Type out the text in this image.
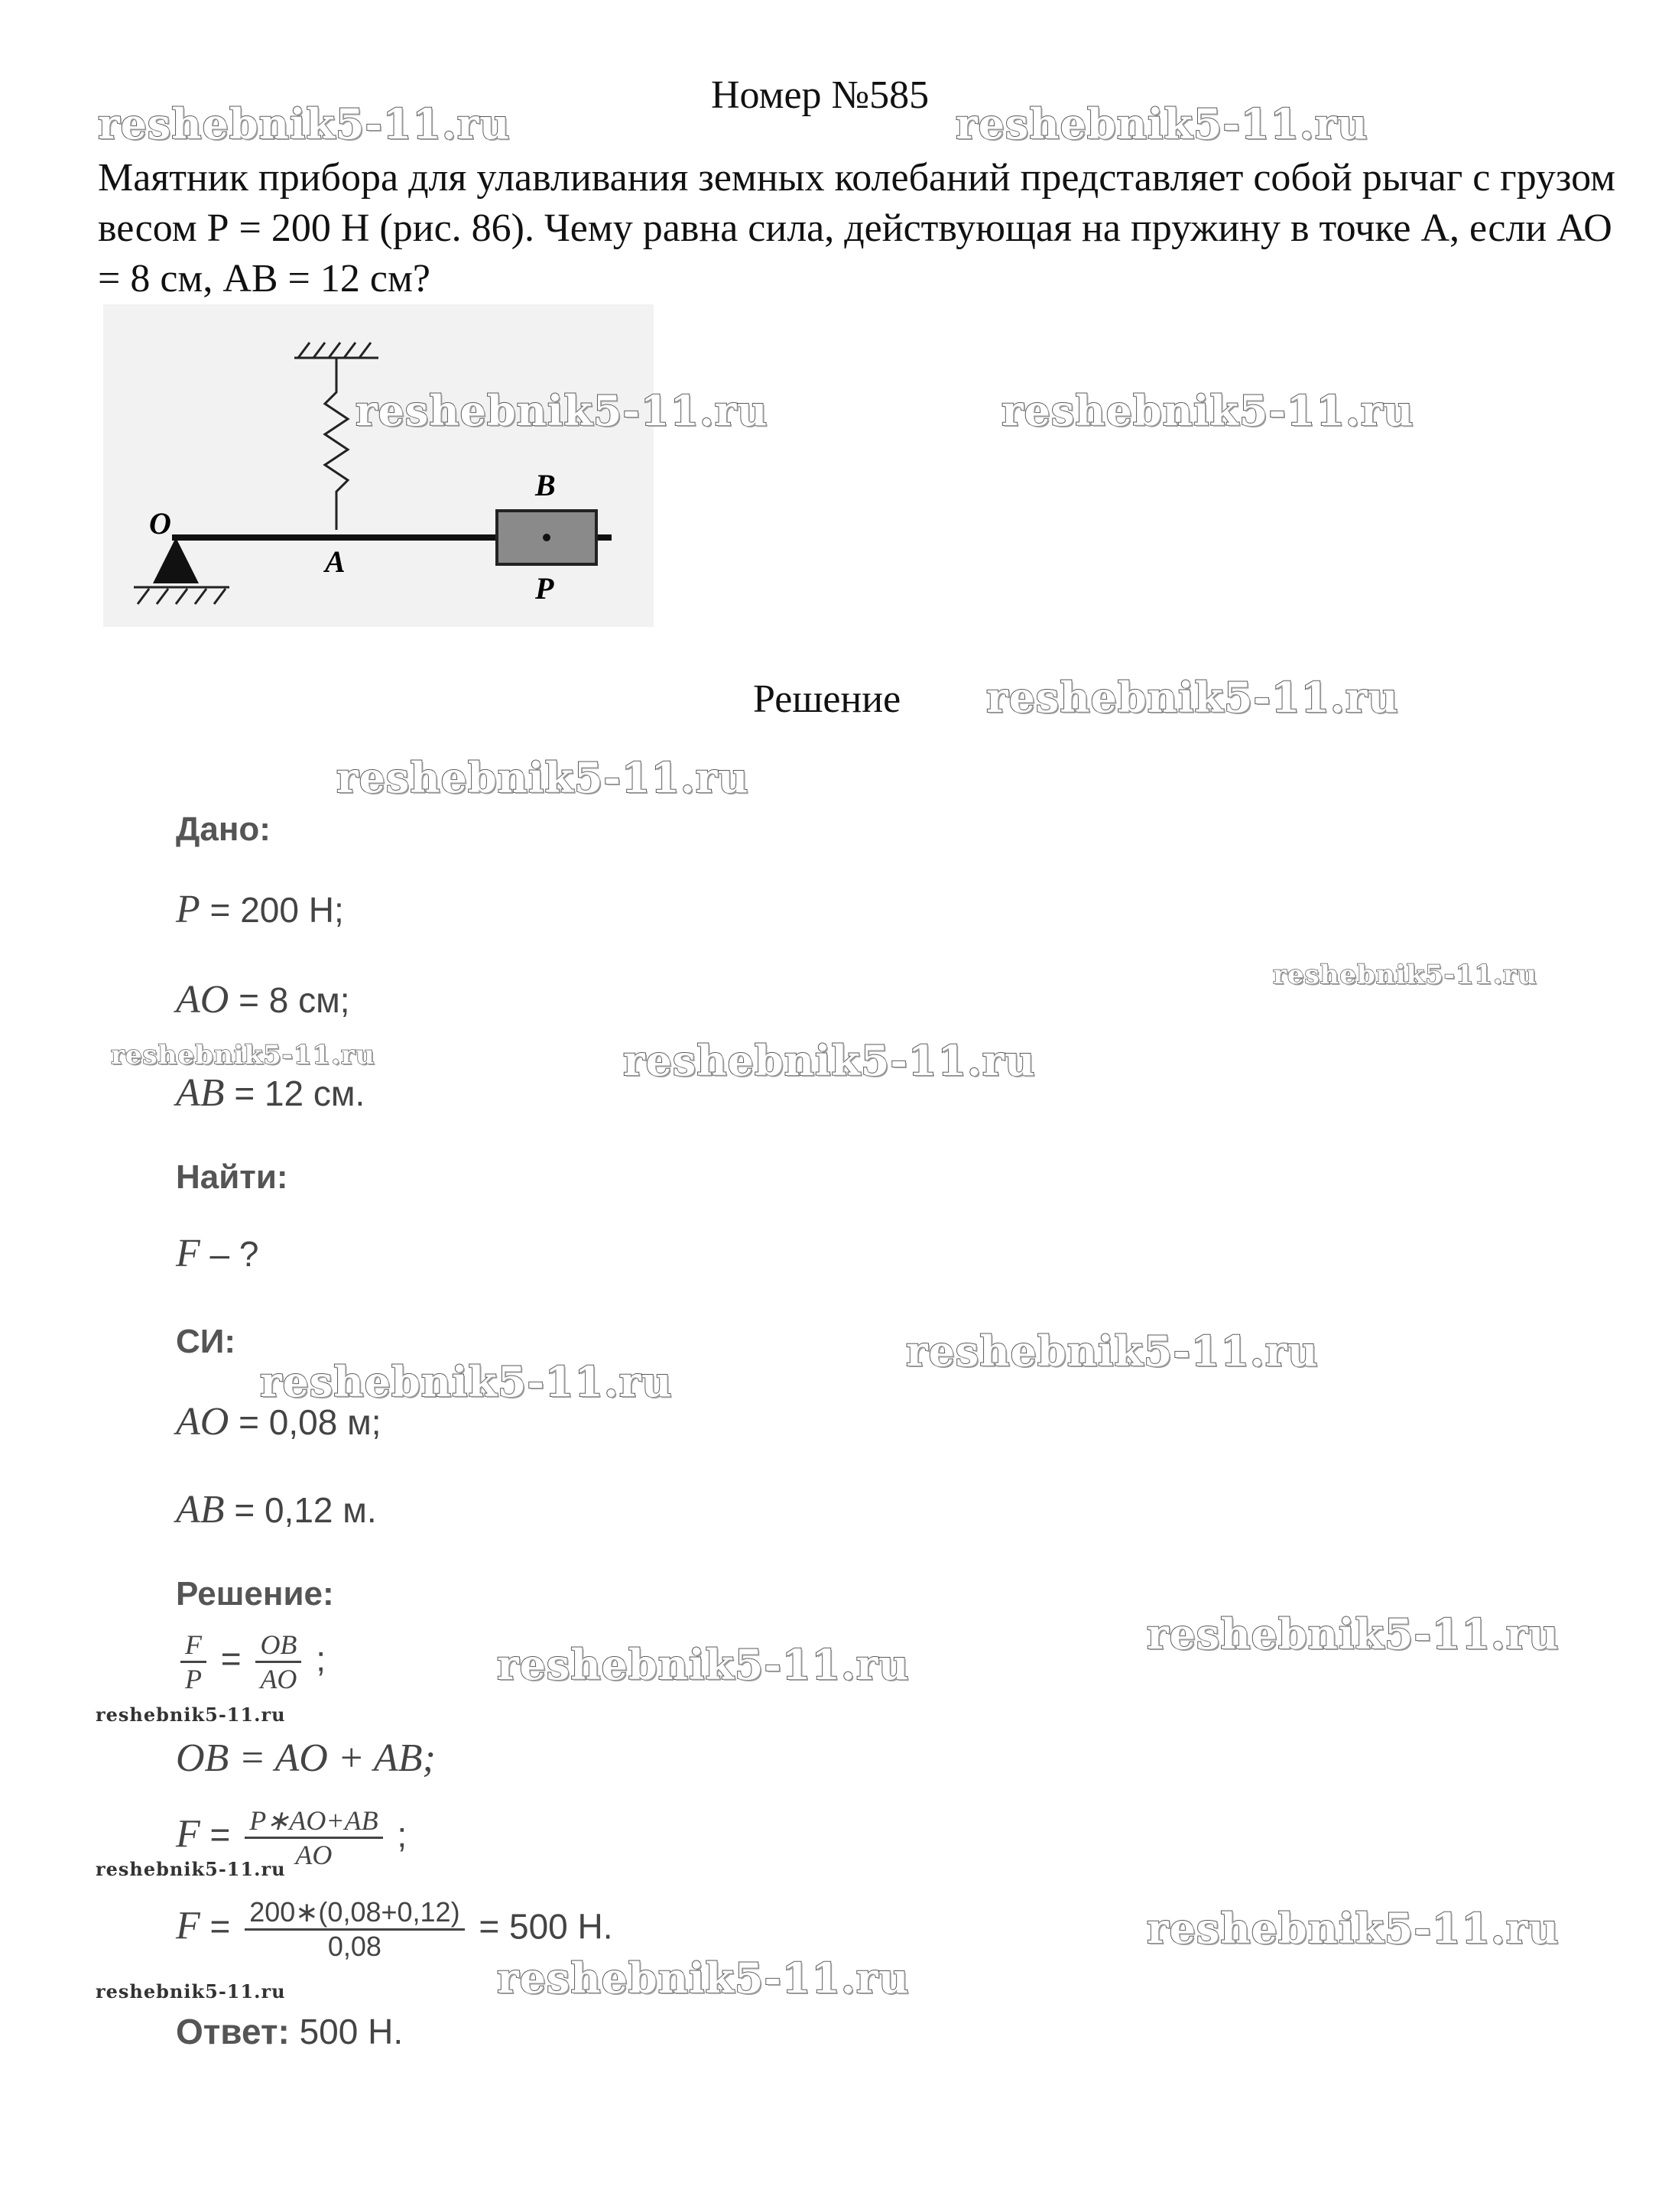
Номер №585
Маятник прибора для улавливания земных колебаний представляет собой рычаг с грузом весом Р = 200 Н (рис. 86). Чему равна сила, действующая на пружину в точке А, если АО = 8 см, АВ = 12 см?
O
A
B
P
Решение
Дано:
P = 200 Н;
AO = 8 см;
AB = 12 см.
Найти:
F – ?
СИ:
AO = 0,08 м;
AB = 0,12 м.
Решение:
$\frac{F}{P} = \frac{OB}{AO}$ ;
OB = AO + AB;
$F = \frac{P∗AO+AB}{AO}$ ;
$F = \frac{200∗(0,08+0,12)}{0,08} = 500$ Н.
Ответ: 500 Н.
reshebnik5-11.ru	reshebnik5-11.ru
reshebnik5-11.ru	reshebnik5-11.ru
reshebnik5-11.ru
reshebnik5-11.ru
reshebnik5-11.ru
reshebnik5-11.ru	reshebnik5-11.ru
reshebnik5-11.ru
reshebnik5-11.ru
reshebnik5-11.ru
reshebnik5-11.ru
reshebnik5-11.ru
reshebnik5-11.ru
reshebnik5-11.ru
reshebnik5-11.ru
reshebnik5-11.ru
